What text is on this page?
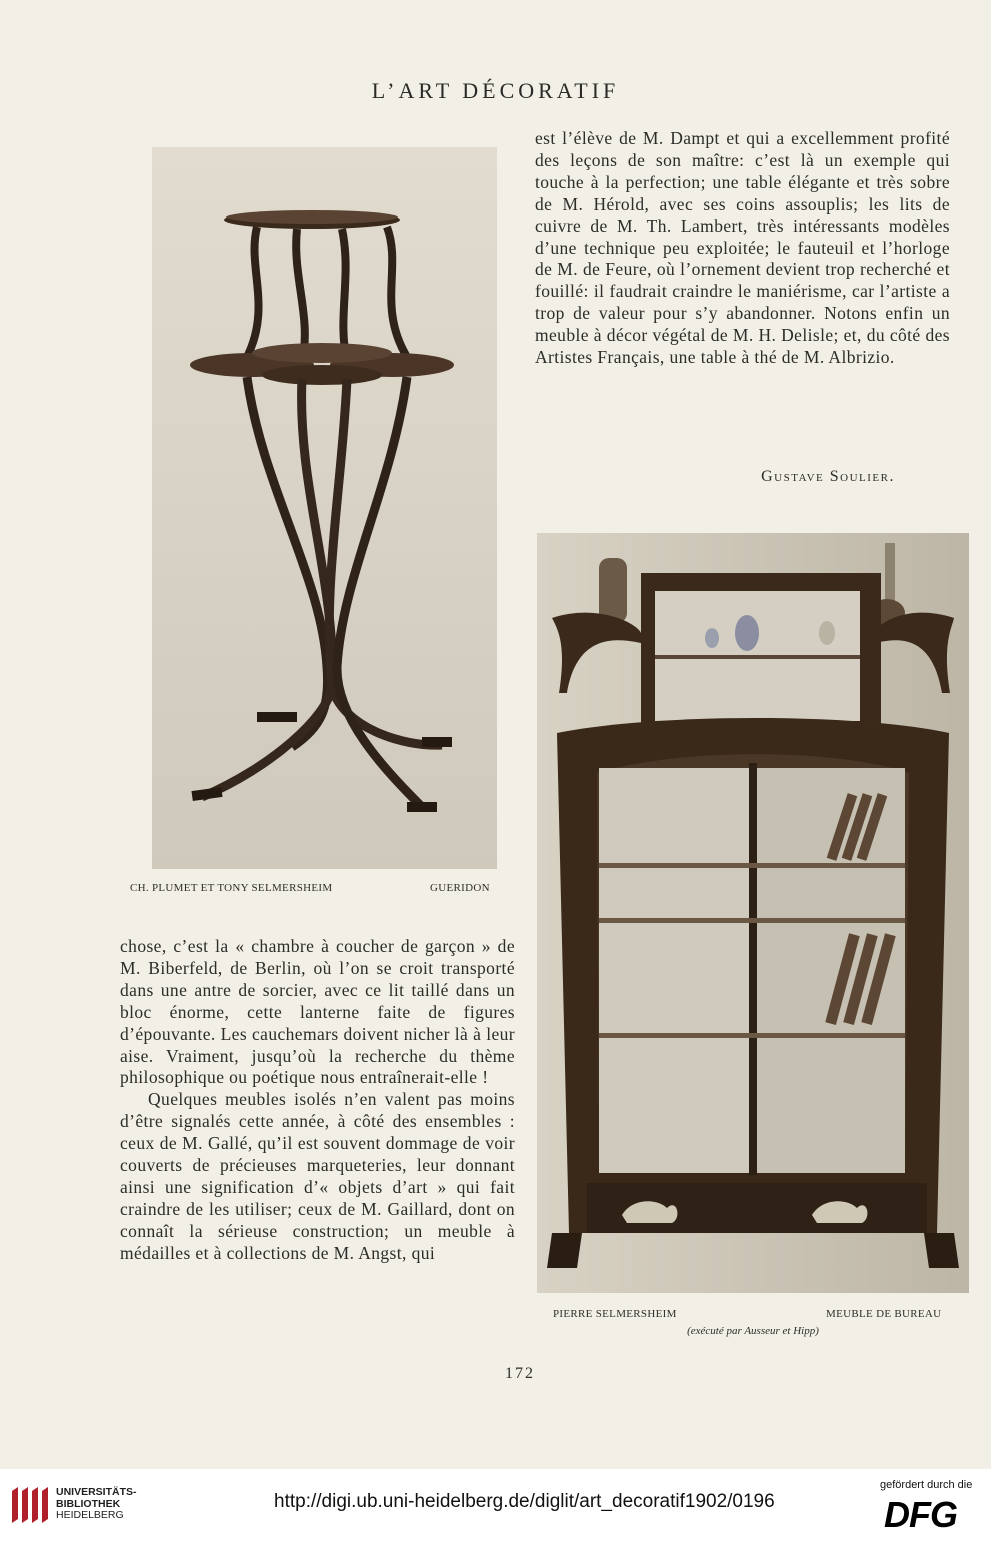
L’ART DÉCORATIF
CH. PLUMET ET TONY SELMERSHEIM	GUERIDON

est l’élève de M. Dampt et qui a excellemment profité des leçons de son maître: c’est là un exemple qui touche à la perfection; une table élégante et très sobre de M. Hérold, avec ses coins assouplis; les lits de cuivre de M. Th. Lambert, très intéressants modèles d’une technique peu exploitée; le fauteuil et l’horloge de M. de Feure, où l’ornement devient trop recherché et fouillé: il faudrait craindre le maniérisme, car l’artiste a trop de valeur pour s’y abandonner. Notons enfin un meuble à décor végétal de M. H. Delisle; et, du côté des Artistes Français, une table à thé de M. Albrizio.

Gustave Soulier.
PIERRE SELMERSHEIM	MEUBLE DE BUREAU
(exécuté par Ausseur et Hipp)

chose, c’est la « chambre à coucher de garçon » de M. Biberfeld, de Berlin, où l’on se croit transporté dans une antre de sorcier, avec ce lit taillé dans un bloc énorme, cette lanterne faite de figures d’épouvante. Les cauchemars doivent nicher là à leur aise. Vraiment, jusqu’où la recherche du thème philosophique ou poétique nous entraînerait-elle !

Quelques meubles isolés n’en valent pas moins d’être signalés cette année, à côté des ensembles : ceux de M. Gallé, qu’il est souvent dommage de voir couverts de précieuses marqueteries, leur donnant ainsi une signification d’« objets d’art » qui fait craindre de les utiliser; ceux de M. Gaillard, dont on connaît la sérieuse construction; un meuble à médailles et à collections de M. Angst, qui

172
UNIVERSITÄTS-
BIBLIOTHEK
HEIDELBERG
http://digi.ub.uni-heidelberg.de/diglit/art_decoratif1902/0196
gefördert durch die
DFG
